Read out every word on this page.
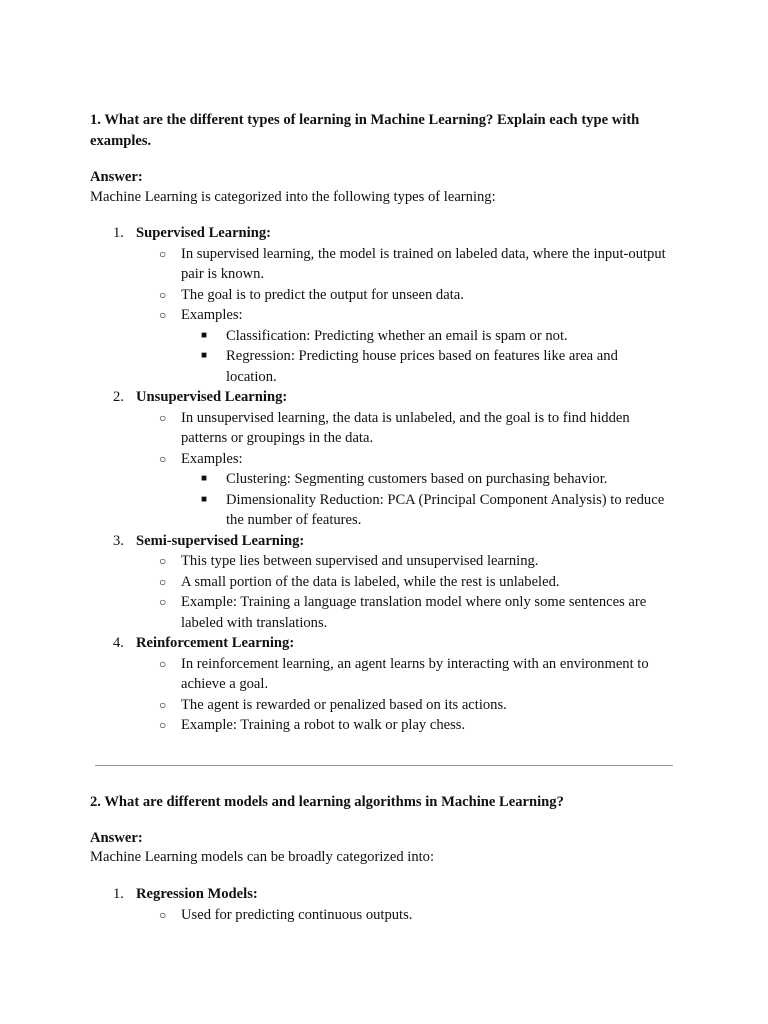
1. What are the different types of learning in Machine Learning? Explain each type with examples.
Answer:
Machine Learning is categorized into the following types of learning:
1. Supervised Learning:
○ In supervised learning, the model is trained on labeled data, where the input-output pair is known.
○ The goal is to predict the output for unseen data.
○ Examples:
■ Classification: Predicting whether an email is spam or not.
■ Regression: Predicting house prices based on features like area and location.
2. Unsupervised Learning:
○ In unsupervised learning, the data is unlabeled, and the goal is to find hidden patterns or groupings in the data.
○ Examples:
■ Clustering: Segmenting customers based on purchasing behavior.
■ Dimensionality Reduction: PCA (Principal Component Analysis) to reduce the number of features.
3. Semi-supervised Learning:
○ This type lies between supervised and unsupervised learning.
○ A small portion of the data is labeled, while the rest is unlabeled.
○ Example: Training a language translation model where only some sentences are labeled with translations.
4. Reinforcement Learning:
○ In reinforcement learning, an agent learns by interacting with an environment to achieve a goal.
○ The agent is rewarded or penalized based on its actions.
○ Example: Training a robot to walk or play chess.
2. What are different models and learning algorithms in Machine Learning?
Answer:
Machine Learning models can be broadly categorized into:
1. Regression Models:
○ Used for predicting continuous outputs.
